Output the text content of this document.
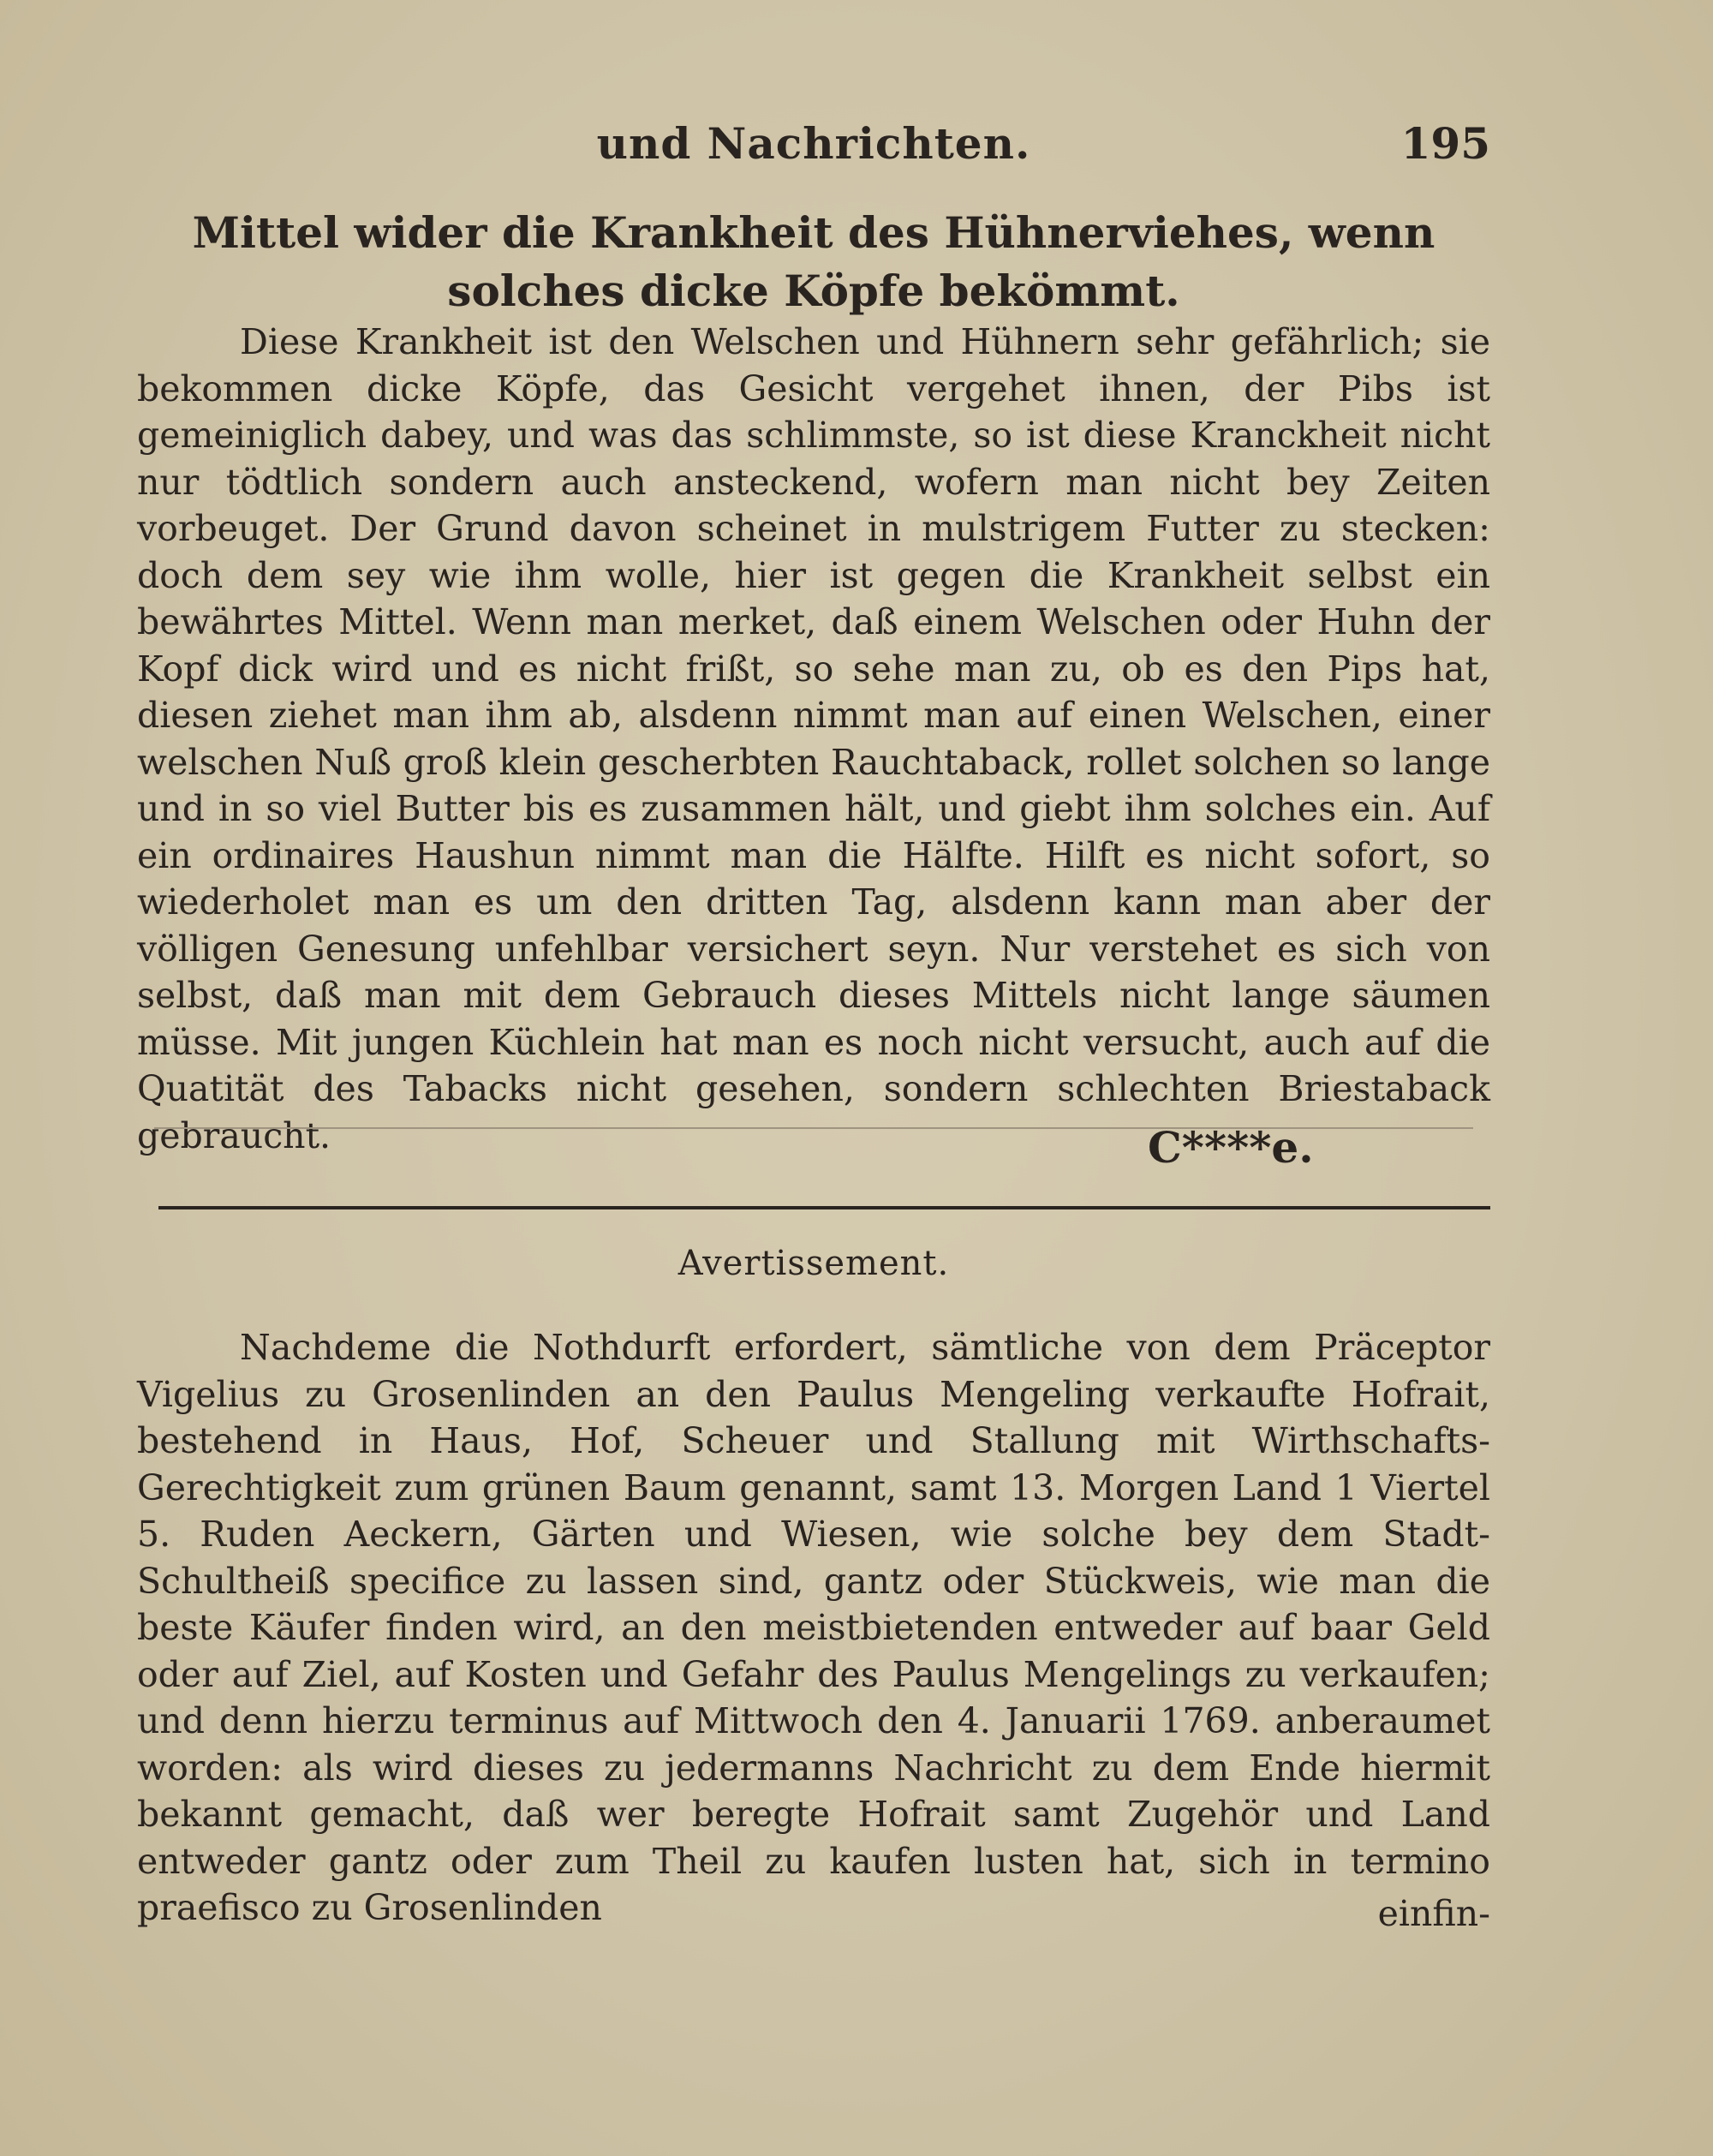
und Nachrichten.	195
Mittel wider die Krankheit des Hühnerviehes, wenn solches dicke Köpfe bekömmt.

Diese Krankheit ist den Welschen und Hühnern sehr gefährlich; sie bekommen dicke Köpfe, das Gesicht vergehet ihnen, der Pibs ist gemeiniglich dabey, und was das schlimmste, so ist diese Kranckheit nicht nur tödtlich sondern auch ansteckend, wofern man nicht bey Zeiten vorbeuget. Der Grund davon scheinet in mulstrigem Futter zu stecken: doch dem sey wie ihm wolle, hier ist gegen die Krankheit selbst ein bewährtes Mittel. Wenn man merket, daß einem Welschen oder Huhn der Kopf dick wird und es nicht frißt, so sehe man zu, ob es den Pips hat, diesen ziehet man ihm ab, alsdenn nimmt man auf einen Welschen, einer welschen Nuß groß klein gescherbten Rauchtaback, rollet solchen so lange und in so viel Butter bis es zusammen hält, und giebt ihm solches ein. Auf ein ordinaires Haushun nimmt man die Hälfte. Hilft es nicht sofort, so wiederholet man es um den dritten Tag, alsdenn kann man aber der völligen Genesung unfehlbar versichert seyn. Nur verstehet es sich von selbst, daß man mit dem Gebrauch dieses Mittels nicht lange säumen müsse. Mit jungen Küchlein hat man es noch nicht versucht, auch auf die Quatität des Tabacks nicht gesehen, sondern schlechten Briestaback gebraucht.	C****e.
Avertissement.

Nachdeme die Nothdurft erfordert, sämtliche von dem Präceptor Vigelius zu Grosenlinden an den Paulus Mengeling verkaufte Hofrait, bestehend in Haus, Hof, Scheuer und Stallung mit Wirthschafts-Gerechtigkeit zum grünen Baum genannt, samt 13. Morgen Land 1 Viertel 5. Ruden Aeckern, Gärten und Wiesen, wie solche bey dem Stadt-Schultheiß specifice zu lassen sind, gantz oder Stückweis, wie man die beste Käufer finden wird, an den meistbietenden entweder auf baar Geld oder auf Ziel, auf Kosten und Gefahr des Paulus Mengelings zu verkaufen; und denn hierzu terminus auf Mittwoch den 4. Januarii 1769. anberaumet worden: als wird dieses zu jedermanns Nachricht zu dem Ende hiermit bekannt gemacht, daß wer beregte Hofrait samt Zugehör und Land entweder gantz oder zum Theil zu kaufen lusten hat, sich in termino praefisco zu Grosenlinden	einfin-
